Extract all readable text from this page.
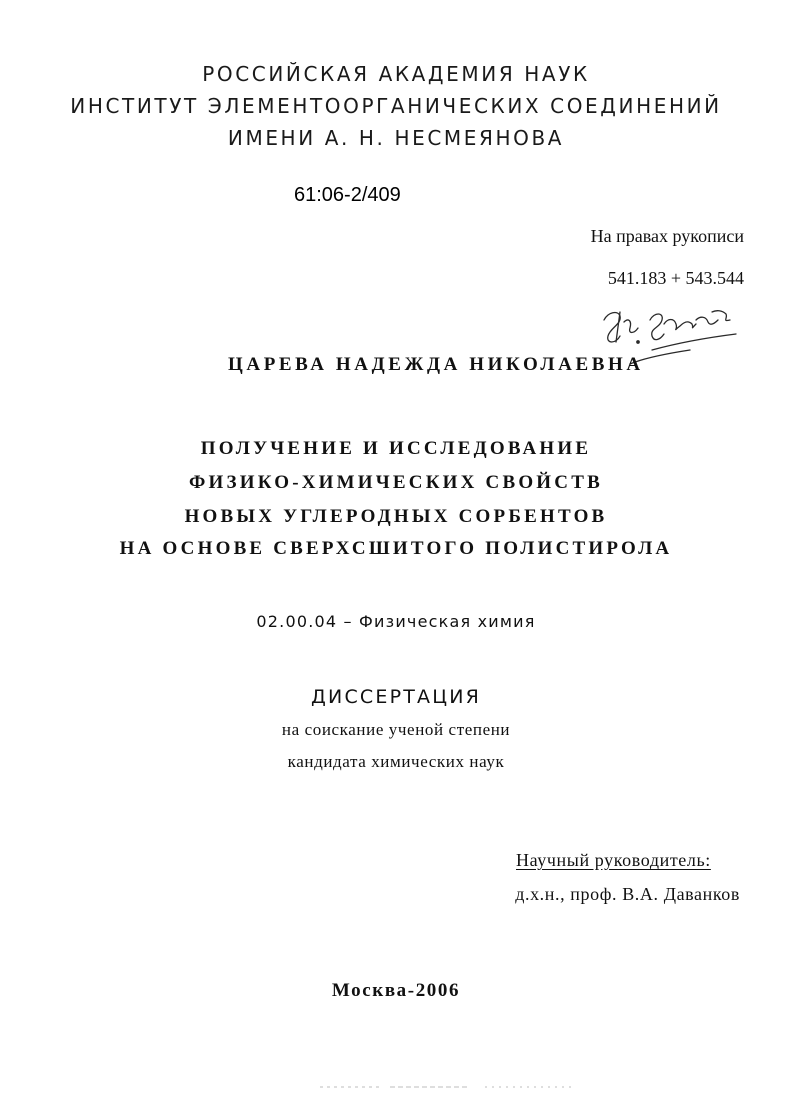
РОССИЙСКАЯ АКАДЕМИЯ НАУК
ИНСТИТУТ ЭЛЕМЕНТООРГАНИЧЕСКИХ СОЕДИНЕНИЙ
ИМЕНИ А. Н. НЕСМЕЯНОВА
61:06-2/409
На правах рукописи
541.183 + 543.544
ЦАРЕВА НАДЕЖДА НИКОЛАЕВНА
ПОЛУЧЕНИЕ И ИССЛЕДОВАНИЕ
ФИЗИКО-ХИМИЧЕСКИХ СВОЙСТВ
НОВЫХ УГЛЕРОДНЫХ СОРБЕНТОВ
НА ОСНОВЕ СВЕРХСШИТОГО ПОЛИСТИРОЛА
02.00.04 – Физическая химия
ДИССЕРТАЦИЯ
на соискание ученой степени
кандидата химических наук
Научный руководитель:
д.х.н., проф. В.А. Даванков
Москва-2006
